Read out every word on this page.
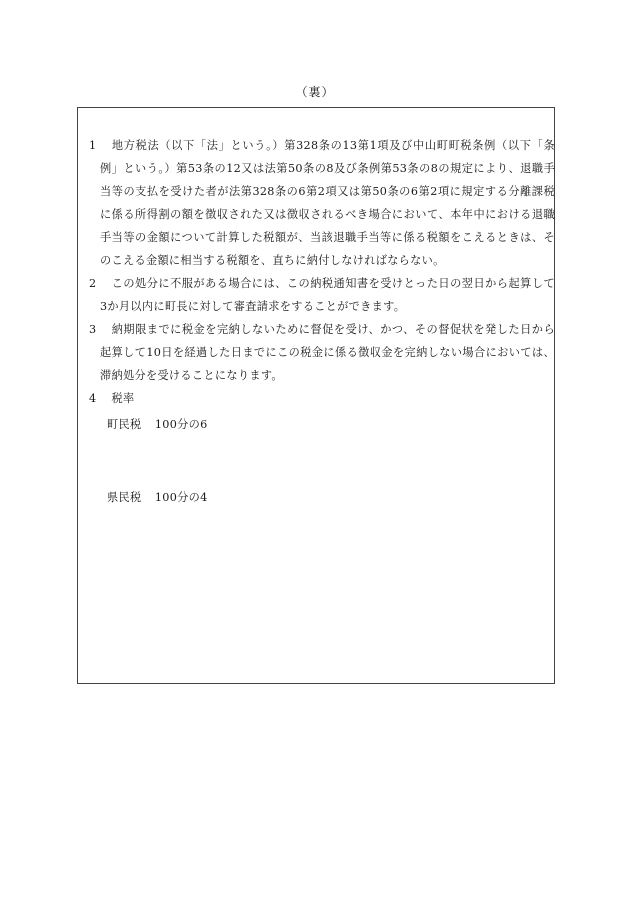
（裏）
1 　地方税法（以下「法」という。）第328条の13第1項及び中山町町税条例（以下「条例」という。）第53条の12又は法第50条の8及び条例第53条の8の規定により、退職手当等の支払を受けた者が法第328条の6第2項又は第50条の6第2項に規定する分離課税に係る所得割の額を徴収された又は徴収されるべき場合において、本年中における退職手当等の金額について計算した税額が、当該退職手当等に係る税額をこえるときは、そのこえる金額に相当する税額を、直ちに納付しなければならない。
2 　この処分に不服がある場合には、この納税通知書を受けとった日の翌日から起算して3か月以内に町長に対して審査請求をすることができます。
3 　納期限までに税金を完納しないために督促を受け、かつ、その督促状を発した日から起算して10日を経過した日までにこの税金に係る徴収金を完納しない場合においては、滞納処分を受けることになります。
4 　税率
町民税 100分の6
県民税 100分の4
